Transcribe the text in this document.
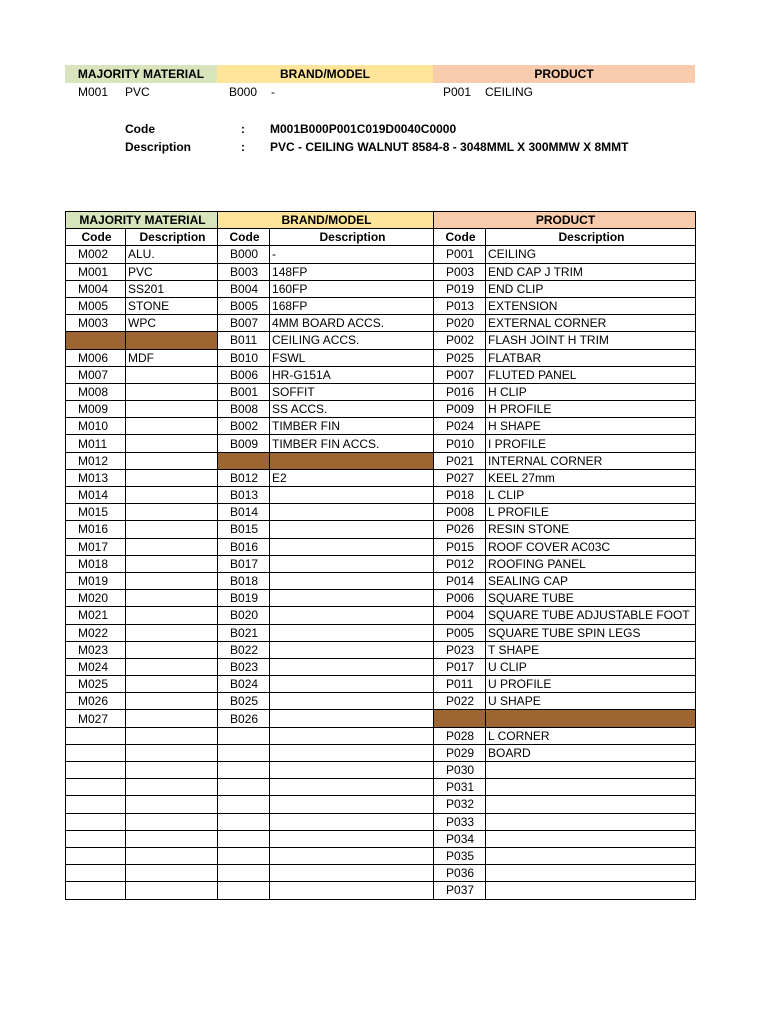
MAJORITY MATERIAL	BRAND/MODEL	PRODUCT
M001 PVC	B000 -	P001 CEILING
Code	: M001B000P001C019D0040C0000
Description	: PVC - CEILING WALNUT 8584-8 - 3048MML X 300MMW X 8MMT
MAJORITY MATERIAL		BRAND/MODEL		PRODUCT	
Code	Description	Code	Description	Code	Description
M002	ALU.	B000	-	P001	CEILING
M001	PVC	B003	148FP	P003	END CAP J TRIM
M004	SS201	B004	160FP	P019	END CLIP
M005	STONE	B005	168FP	P013	EXTENSION
M003	WPC	B007	4MM BOARD ACCS.	P020	EXTERNAL CORNER
		B011	CEILING ACCS.	P002	FLASH JOINT H TRIM
M006	MDF	B010	FSWL	P025	FLATBAR
M007		B006	HR-G151A	P007	FLUTED PANEL
M008		B001	SOFFIT	P016	H CLIP
M009		B008	SS ACCS.	P009	H PROFILE
M010		B002	TIMBER FIN	P024	H SHAPE
M011		B009	TIMBER FIN ACCS.	P010	I PROFILE
M012				P021	INTERNAL CORNER
M013		B012	E2	P027	KEEL 27mm
M014		B013		P018	L CLIP
M015		B014		P008	L PROFILE
M016		B015		P026	RESIN STONE
M017		B016		P015	ROOF COVER AC03C
M018		B017		P012	ROOFING PANEL
M019		B018		P014	SEALING CAP
M020		B019		P006	SQUARE TUBE
M021		B020		P004	SQUARE TUBE ADJUSTABLE FOOT
M022		B021		P005	SQUARE TUBE SPIN LEGS
M023		B022		P023	T SHAPE
M024		B023		P017	U CLIP
M025		B024		P011	U PROFILE
M026		B025		P022	U SHAPE
M027		B026			
				P028	L CORNER
				P029	BOARD
				P030	
				P031	
				P032	
				P033	
				P034	
				P035	
				P036	
				P037	
